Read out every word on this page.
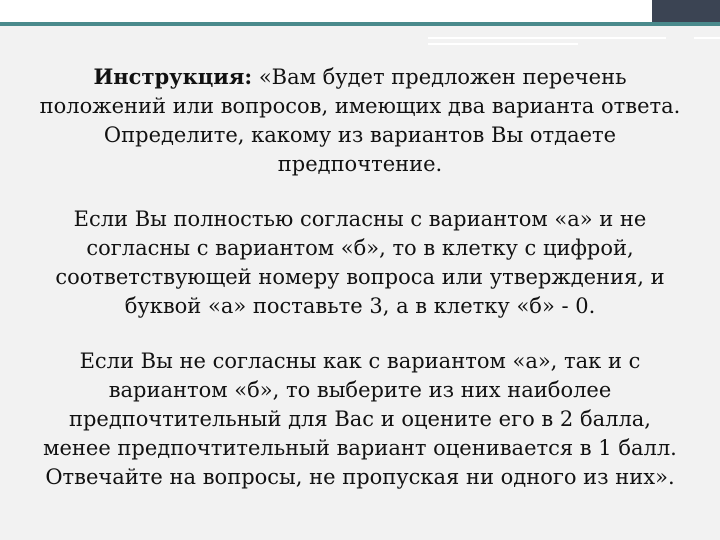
Инструкция: «Вам будет предложен перечень положений или вопросов, имеющих два варианта ответа. Определите, какому из вариантов Вы отдаете предпочтение.

Если Вы полностью согласны с вариантом «а» и не согласны с вариантом «б», то в клетку с цифрой, соответствующей номеру вопроса или утверждения, и буквой «а» поставьте 3, а в клетку «б» - 0.

Если Вы не согласны как с вариантом «а», так и с вариантом «б», то выберите из них наиболее предпочтительный для Вас и оцените его в 2 балла, менее предпочтительный вариант оценивается в 1 балл. Отвечайте на вопросы, не пропуская ни одного из них».
